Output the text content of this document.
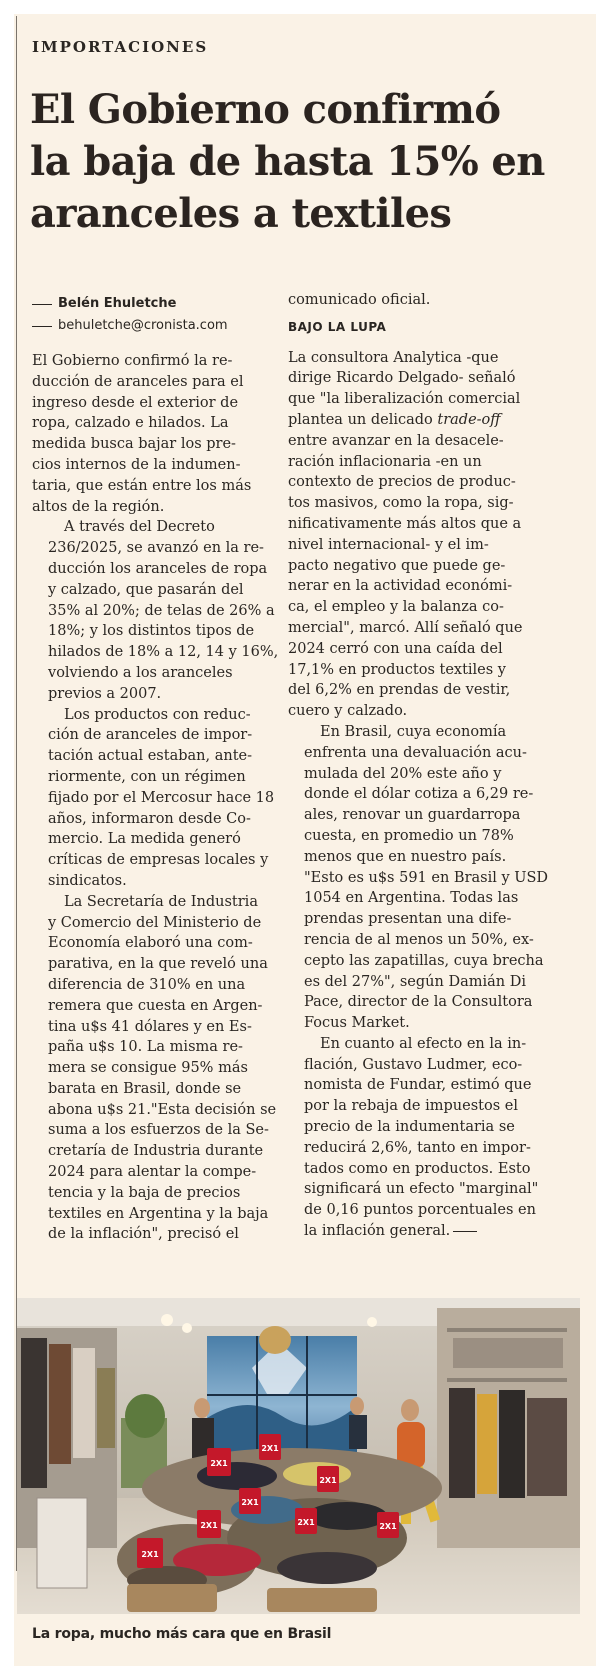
IMPORTACIONES
El Gobierno confirmó
la baja de hasta 15% en
aranceles a textiles
Belén Ehuletche
behuletche@cronista.com

El Gobierno confirmó la re-
ducción de aranceles para el
ingreso desde el exterior de
ropa, calzado e hilados. La
medida busca bajar los pre-
cios internos de la indumen-
taria, que están entre los más
altos de la región.

A través del Decreto
236/2025, se avanzó en la re-
ducción los aranceles de ropa
y calzado, que pasarán del
35% al 20%; de telas de 26% a
18%; y los distintos tipos de
hilados de 18% a 12, 14 y 16%,
volviendo a los aranceles
previos a 2007.

Los productos con reduc-
ción de aranceles de impor-
tación actual estaban, ante-
riormente, con un régimen
fijado por el Mercosur hace 18
años, informaron desde Co-
mercio. La medida generó
críticas de empresas locales y
sindicatos.

La Secretaría de Industria
y Comercio del Ministerio de
Economía elaboró una com-
parativa, en la que reveló una
diferencia de 310% en una
remera que cuesta en Argen-
tina u$s 41 dólares y en Es-
paña u$s 10. La misma re-
mera se consigue 95% más
barata en Brasil, donde se
abona u$s 21."Esta decisión se
suma a los esfuerzos de la Se-
cretaría de Industria durante
2024 para alentar la compe-
tencia y la baja de precios
textiles en Argentina y la baja
de la inflación", precisó el

comunicado oficial.

BAJO LA LUPA

La consultora Analytica -que
dirige Ricardo Delgado- señaló
que "la liberalización comercial
plantea un delicado trade-off
entre avanzar en la desacele-
ración inflacionaria -en un
contexto de precios de produc-
tos masivos, como la ropa, sig-
nificativamente más altos que a
nivel internacional- y el im-
pacto negativo que puede ge-
nerar en la actividad económi-
ca, el empleo y la balanza co-
mercial", marcó. Allí señaló que
2024 cerró con una caída del
17,1% en productos textiles y
del 6,2% en prendas de vestir,
cuero y calzado.

En Brasil, cuya economía
enfrenta una devaluación acu-
mulada del 20% este año y
donde el dólar cotiza a 6,29 re-
ales, renovar un guardarropa
cuesta, en promedio un 78%
menos que en nuestro país.
"Esto es u$s 591 en Brasil y USD
1054 en Argentina. Todas las
prendas presentan una dife-
rencia de al menos un 50%, ex-
cepto las zapatillas, cuya brecha
es del 27%", según Damián Di
Pace, director de la Consultora
Focus Market.

En cuanto al efecto en la in-
flación, Gustavo Ludmer, eco-
nomista de Fundar, estimó que
por la rebaja de impuestos el
precio de la indumentaria se
reducirá 2,6%, tanto en impor-
tados como en productos. Esto
significará un efecto "marginal"
de 0,16 puntos porcentuales en
la inflación general.

2X1
2X1
2X1
2X1
2X1	2X1
2X1
2X1
La ropa, mucho más cara que en Brasil
